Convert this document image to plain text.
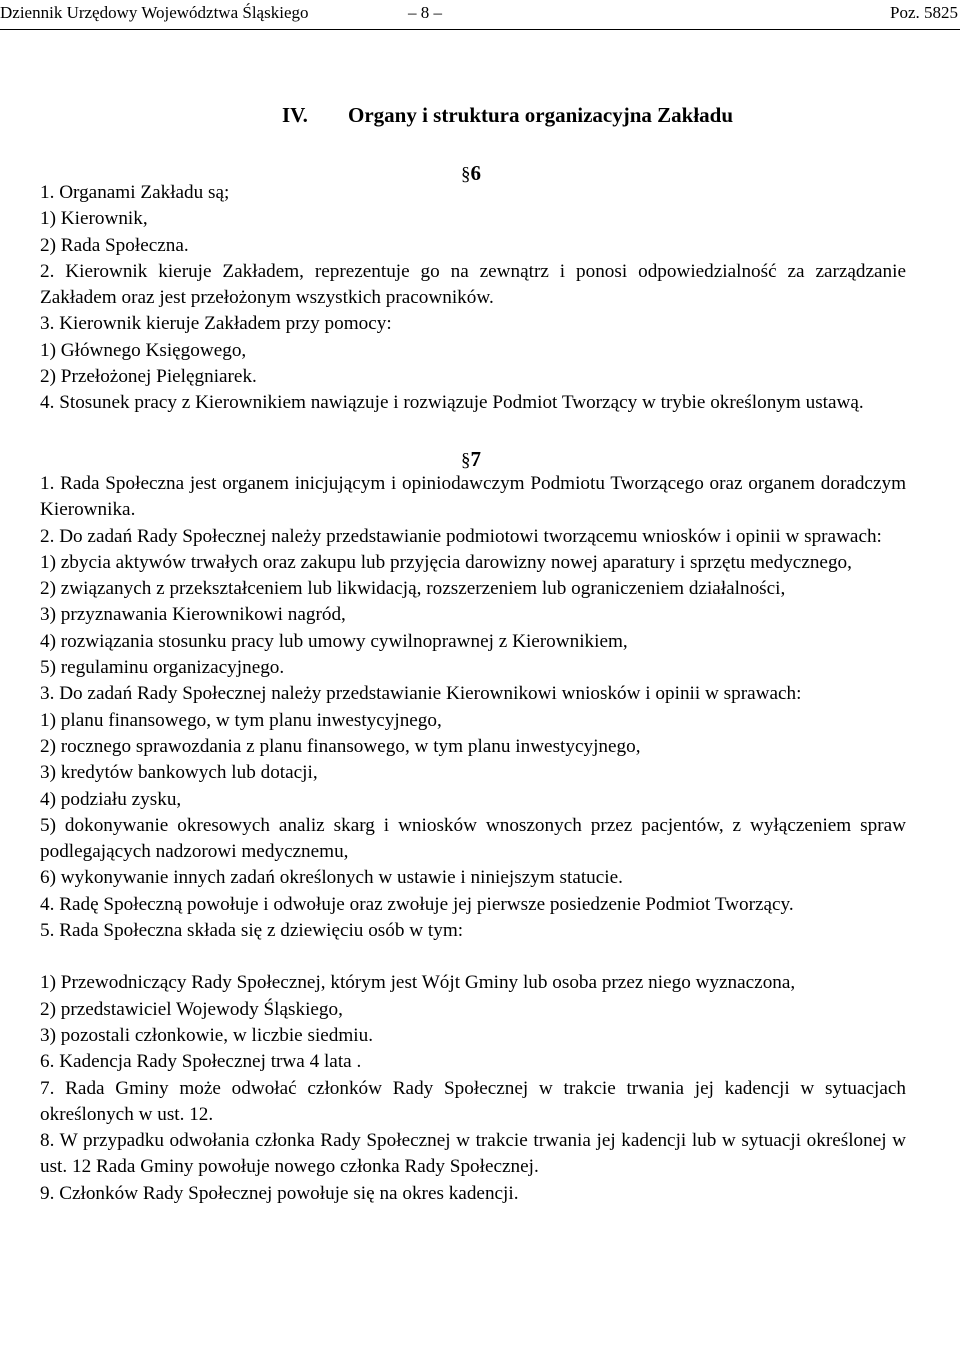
Dziennik Urzędowy Województwa Śląskiego	– 8 –	Poz. 5825
IV. Organy i struktura organizacyjna Zakładu
§6

1. Organami Zakładu są;

1) Kierownik,

2) Rada Społeczna.

2. Kierownik kieruje Zakładem, reprezentuje go na zewnątrz i ponosi odpowiedzialność za zarządzanie Zakładem oraz jest przełożonym wszystkich pracowników.

3. Kierownik kieruje Zakładem przy pomocy:

1) Głównego Księgowego,

2) Przełożonej Pielęgniarek.

4. Stosunek pracy z Kierownikiem nawiązuje i rozwiązuje Podmiot Tworzący w trybie określonym ustawą.

§7

1. Rada Społeczna jest organem inicjującym i opiniodawczym Podmiotu Tworzącego oraz organem doradczym Kierownika.

2. Do zadań Rady Społecznej należy przedstawianie podmiotowi tworzącemu wniosków i opinii w sprawach:

1) zbycia aktywów trwałych oraz zakupu lub przyjęcia darowizny nowej aparatury i sprzętu medycznego,

2) związanych z przekształceniem lub likwidacją, rozszerzeniem lub ograniczeniem działalności,

3) przyznawania Kierownikowi nagród,

4) rozwiązania stosunku pracy lub umowy cywilnoprawnej z Kierownikiem,

5) regulaminu organizacyjnego.

3. Do zadań Rady Społecznej należy przedstawianie Kierownikowi wniosków i opinii w sprawach:

1) planu finansowego, w tym planu inwestycyjnego,

2) rocznego sprawozdania z planu finansowego, w tym planu inwestycyjnego,

3) kredytów bankowych lub dotacji,

4) podziału zysku,

5) dokonywanie okresowych analiz skarg i wniosków wnoszonych przez pacjentów, z wyłączeniem spraw podlegających nadzorowi medycznemu,

6) wykonywanie innych zadań określonych w ustawie i niniejszym statucie.

4. Radę Społeczną powołuje i odwołuje oraz zwołuje jej pierwsze posiedzenie Podmiot Tworzący.

5. Rada Społeczna składa się z dziewięciu osób w tym:

1) Przewodniczący Rady Społecznej, którym jest Wójt Gminy lub osoba przez niego wyznaczona,

2) przedstawiciel Wojewody Śląskiego,

3) pozostali członkowie, w liczbie siedmiu.

6. Kadencja Rady Społecznej trwa 4 lata .

7. Rada Gminy może odwołać członków Rady Społecznej w trakcie trwania jej kadencji w sytuacjach określonych w ust. 12.

8. W przypadku odwołania członka Rady Społecznej w trakcie trwania jej kadencji lub w sytuacji określonej w ust. 12 Rada Gminy powołuje nowego członka Rady Społecznej.

9. Członków Rady Społecznej powołuje się na okres kadencji.
